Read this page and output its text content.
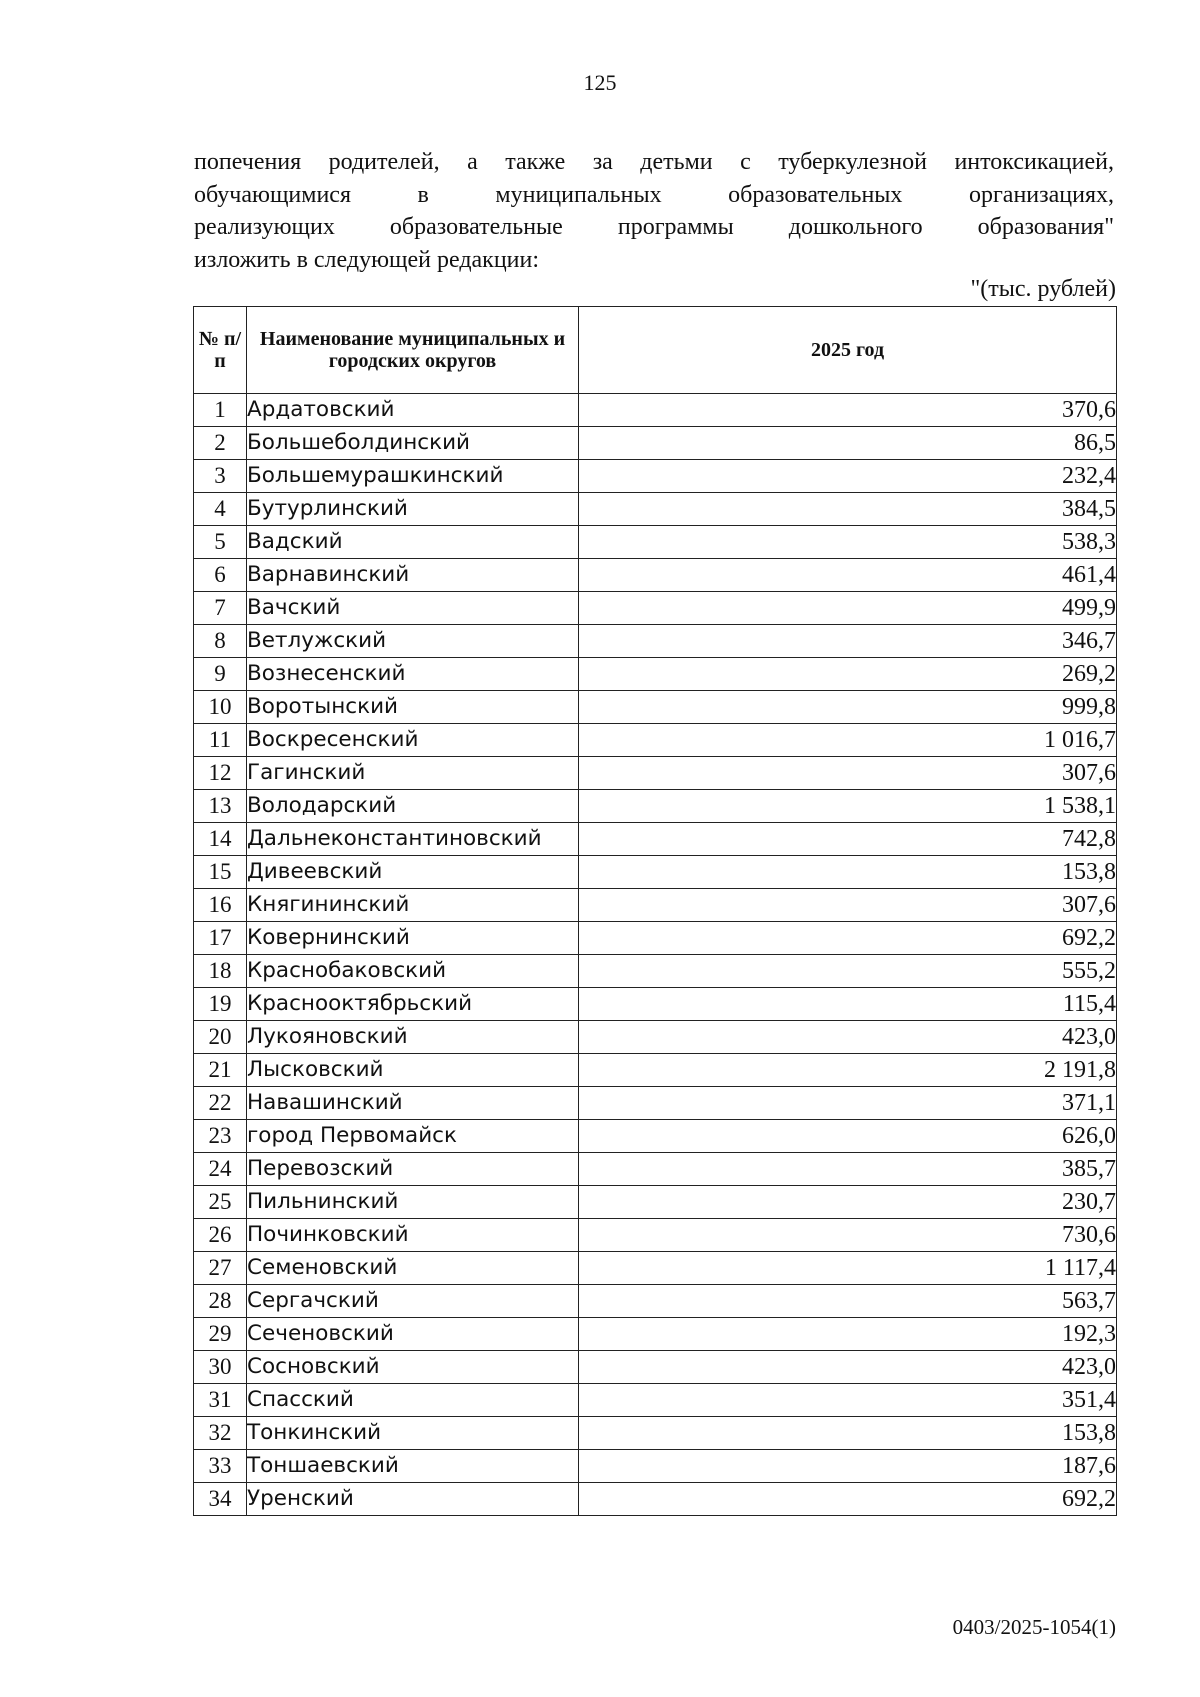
125
попечения родителей, а также за детьми с туберкулезной интоксикацией,
обучающимися в муниципальных образовательных организациях,
реализующих образовательные программы дошкольного образования"
изложить в следующей редакции:
"(тыс. рублей)
№ п/п	Наименование муниципальных и городских округов	2025 год
1	Ардатовский	370,6
2	Большеболдинский	86,5
3	Большемурашкинский	232,4
4	Бутурлинский	384,5
5	Вадский	538,3
6	Варнавинский	461,4
7	Вачский	499,9
8	Ветлужский	346,7
9	Вознесенский	269,2
10	Воротынский	999,8
11	Воскресенский	1 016,7
12	Гагинский	307,6
13	Володарский	1 538,1
14	Дальнеконстантиновский	742,8
15	Дивеевский	153,8
16	Княгининский	307,6
17	Ковернинский	692,2
18	Краснобаковский	555,2
19	Краснооктябрьский	115,4
20	Лукояновский	423,0
21	Лысковский	2 191,8
22	Навашинский	371,1
23	город Первомайск	626,0
24	Перевозский	385,7
25	Пильнинский	230,7
26	Починковский	730,6
27	Семеновский	1 117,4
28	Сергачский	563,7
29	Сеченовский	192,3
30	Сосновский	423,0
31	Спасский	351,4
32	Тонкинский	153,8
33	Тоншаевский	187,6
34	Уренский	692,2
0403/2025-1054(1)
